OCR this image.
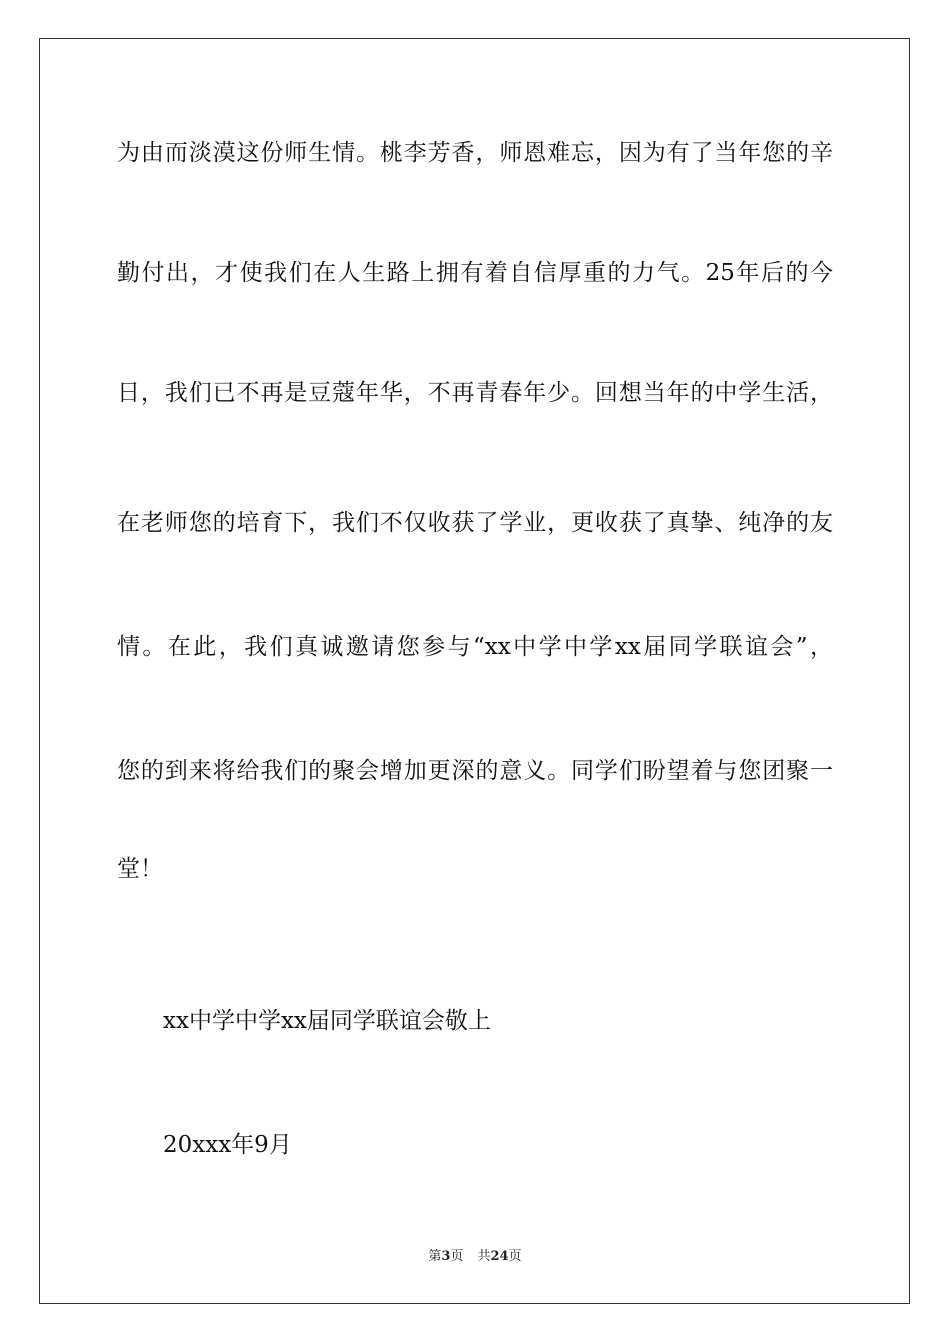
为由而淡漠这份师生情。桃李芳香，师恩难忘，因为有了当年您的辛
勤付出，才使我们在人生路上拥有着自信厚重的力气。25年后的今
日，我们已不再是豆蔻年华，不再青春年少。回想当年的中学生活，
在老师您的培育下，我们不仅收获了学业，更收获了真挚、纯净的友
情。在此，我们真诚邀请您参与“xx中学中学xx届同学联谊会”，
您的到来将给我们的聚会增加更深的意义。同学们盼望着与您团聚一
堂！
xx中学中学xx届同学联谊会敬上
20xxx年9月
第3页 共24页
